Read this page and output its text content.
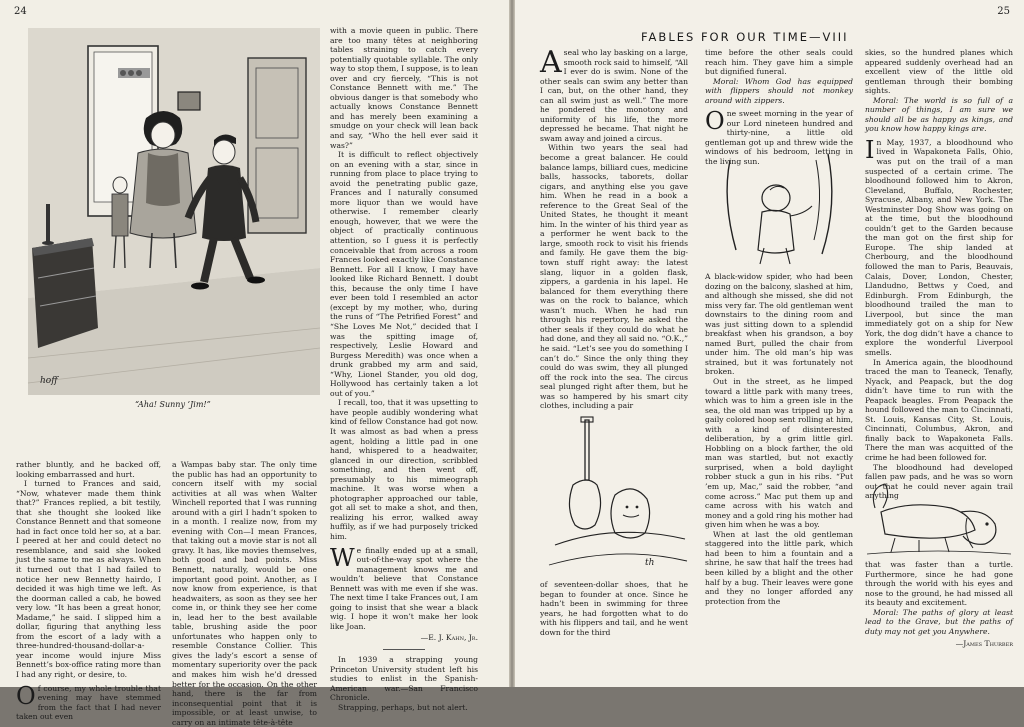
24
hoff
“Aha! Sunny ’Jim!”

rather bluntly, and he backed off, looking embarrassed and hurt.

I turned to Frances and said, “Now, whatever made them think that?” Frances replied, a bit testily, that she thought she looked like Constance Bennett and that someone had in fact once told her so, at a bar. I peered at her and could detect no resemblance, and said she looked just the same to me as always. When it turned out that I had failed to notice her new Bennetty hairdo, I decided it was high time we left. As the doorman called a cab, he bowed very low. “It has been a great honor, Madame,” he said. I slipped him a dollar, figuring that anything less from the escort of a lady with a three-hundred-thousand-dollar-a-year income would injure Miss Bennett’s box-office rating more than I had any right, or desire, to.

Of course, my whole trouble that evening may have stemmed from the fact that I had never taken out even

a Wampas baby star. The only time the public has had an opportunity to concern itself with my social activities at all was when Walter Winchell reported that I was running around with a girl I hadn’t spoken to in a month. I realize now, from my evening with Con—I mean Frances, that taking out a movie star is not all gravy. It has, like movies themselves, both good and bad points. Miss Bennett, naturally, would be one important good point. Another, as I now know from experience, is that headwaiters, as soon as they see her come in, or think they see her come in, lead her to the best available table, brushing aside the poor unfortunates who happen only to resemble Constance Collier. This gives the lady’s escort a sense of momentary superiority over the pack and makes him wish he’d dressed better for the occasion. On the other hand, there is the far from inconsequential point that it is impossible, or at least unwise, to carry on an intimate tête-à-tête

with a movie queen in public. There are too many têtes at neighboring tables straining to catch every potentially quotable syllable. The only way to stop them, I suppose, is to lean over and cry fiercely, “This is not Constance Bennett with me.” The obvious danger is that somebody who actually knows Constance Bennett and has merely been examining a smudge on your check will lean back and say, “Who the hell ever said it was?”

It is difficult to reflect objectively on an evening with a star, since in running from place to place trying to avoid the penetrating public gaze, Frances and I naturally consumed more liquor than we would have otherwise. I remember clearly enough, however, that we were the object of practically continuous attention, so I guess it is perfectly conceivable that from across a room Frances looked exactly like Constance Bennett. For all I know, I may have looked like Richard Bennett. I doubt this, because the only time I have ever been told I resembled an actor (except by my mother, who, during the runs of “The Petrified Forest” and “She Loves Me Not,” decided that I was the spitting image of, respectively, Leslie Howard and Burgess Meredith) was once when a drunk grabbed my arm and said, “Why, Lionel Stander, you old dog, Hollywood has certainly taken a lot out of you.”

I recall, too, that it was upsetting to have people audibly wondering what kind of fellow Constance had got now. It was almost as bad when a press agent, holding a little pad in one hand, whispered to a headwaiter, glanced in our direction, scribbled something, and then went off, presumably to his mimeograph machine. It was worse when a photographer approached our table, got all set to make a shot, and then, realizing his error, walked away huffily, as if we had purposely tricked him.

We finally ended up at a small, out-of-the-way spot where the management knows me and wouldn’t believe that Constance Bennett was with me even if she was. The next time I take Frances out, I am going to insist that she wear a black wig. I hope it won’t make her look like Joan.

—E. J. Kahn, Jr.

In 1939 a strapping young Princeton University student left his studies to enlist in the Spanish-American war.—San Francisco Chronicle.

Strapping, perhaps, but not alert.

25
FABLES FOR OUR TIME—VIII

A seal who lay basking on a large, smooth rock said to himself, “All I ever do is swim. None of the other seals can swim any better than I can, but, on the other hand, they can all swim just as well.” The more he pondered the monotony and uniformity of his life, the more depressed he became. That night he swam away and joined a circus.

Within two years the seal had become a great balancer. He could balance lamps, billiard cues, medicine balls, hassocks, taborets, dollar cigars, and anything else you gave him. When he read in a book a reference to the Great Seal of the United States, he thought it meant him. In the winter of his third year as a performer he went back to the large, smooth rock to visit his friends and family. He gave them the big-town stuff right away: the latest slang, liquor in a golden flask, zippers, a gardenia in his lapel. He balanced for them everything there was on the rock to balance, which wasn’t much. When he had run through his repertory, he asked the other seals if they could do what he had done, and they all said no. “O.K.,” he said. “Let’s see you do something I can’t do.” Since the only thing they could do was swim, they all plunged off the rock into the sea. The circus seal plunged right after them, but he was so hampered by his smart city clothes, including a pair

th

of seventeen-dollar shoes, that he began to founder at once. Since he hadn’t been in swimming for three years, he had forgotten what to do with his flippers and tail, and he went down for the third

time before the other seals could reach him. They gave him a simple but dignified funeral.

Moral: Whom God has equipped with flippers should not monkey around with zippers.

One sweet morning in the year of our Lord nineteen hundred and thirty-nine, a little old gentleman got up and threw wide the windows of his bedroom, letting in the living sun.

A black-widow spider, who had been dozing on the balcony, slashed at him, and although she missed, she did not miss very far. The old gentleman went downstairs to the dining room and was just sitting down to a splendid breakfast when his grandson, a boy named Burt, pulled the chair from under him. The old man’s hip was strained, but it was fortunately not broken.

Out in the street, as he limped toward a little park with many trees, which was to him a green isle in the sea, the old man was tripped up by a gaily colored hoop sent rolling at him, with a kind of disinterested deliberation, by a grim little girl. Hobbling on a block farther, the old man was startled, but not exactly surprised, when a bold daylight robber stuck a gun in his ribs. “Put ’em up, Mac,” said the robber, “and come across.” Mac put them up and came across with his watch and money and a gold ring his mother had given him when he was a boy.

When at last the old gentleman staggered into the little park, which had been to him a fountain and a shrine, he saw that half the trees had been killed by a blight and the other half by a bug. Their leaves were gone and they no longer afforded any protection from the

skies, so the hundred planes which appeared suddenly overhead had an excellent view of the little old gentleman through their bombing sights.

Moral: The world is so full of a number of things, I am sure we should all be as happy as kings, and you know how happy kings are.

In May, 1937, a bloodhound who lived in Wapakoneta Falls, Ohio, was put on the trail of a man suspected of a certain crime. The bloodhound followed him to Akron, Cleveland, Buffalo, Rochester, Syracuse, Albany, and New York. The Westminster Dog Show was going on at the time, but the bloodhound couldn’t get to the Garden because the man got on the first ship for Europe. The ship landed at Cherbourg, and the bloodhound followed the man to Paris, Beauvais, Calais, Dover, London, Chester, Llandudno, Bettws y Coed, and Edinburgh. From Edinburgh, the bloodhound trailed the man to Liverpool, but since the man immediately got on a ship for New York, the dog didn’t have a chance to explore the wonderful Liverpool smells.

In America again, the bloodhound traced the man to Teaneck, Tenafly, Nyack, and Peapack, but the dog didn’t have time to run with the Peapack beagles. From Peapack the hound followed the man to Cincinnati, St. Louis, Kansas City, St. Louis, Cincinnati, Columbus, Akron, and finally back to Wapakoneta Falls. There the man was acquitted of the crime he had been followed for.

The bloodhound had developed fallen paw pads, and he was so worn out that he could never again trail anything

that was faster than a turtle. Furthermore, since he had gone through the world with his eyes and nose to the ground, he had missed all its beauty and excitement.

Moral: The paths of glory at least lead to the Grave, but the paths of duty may not get you Anywhere.

—James Thurber
